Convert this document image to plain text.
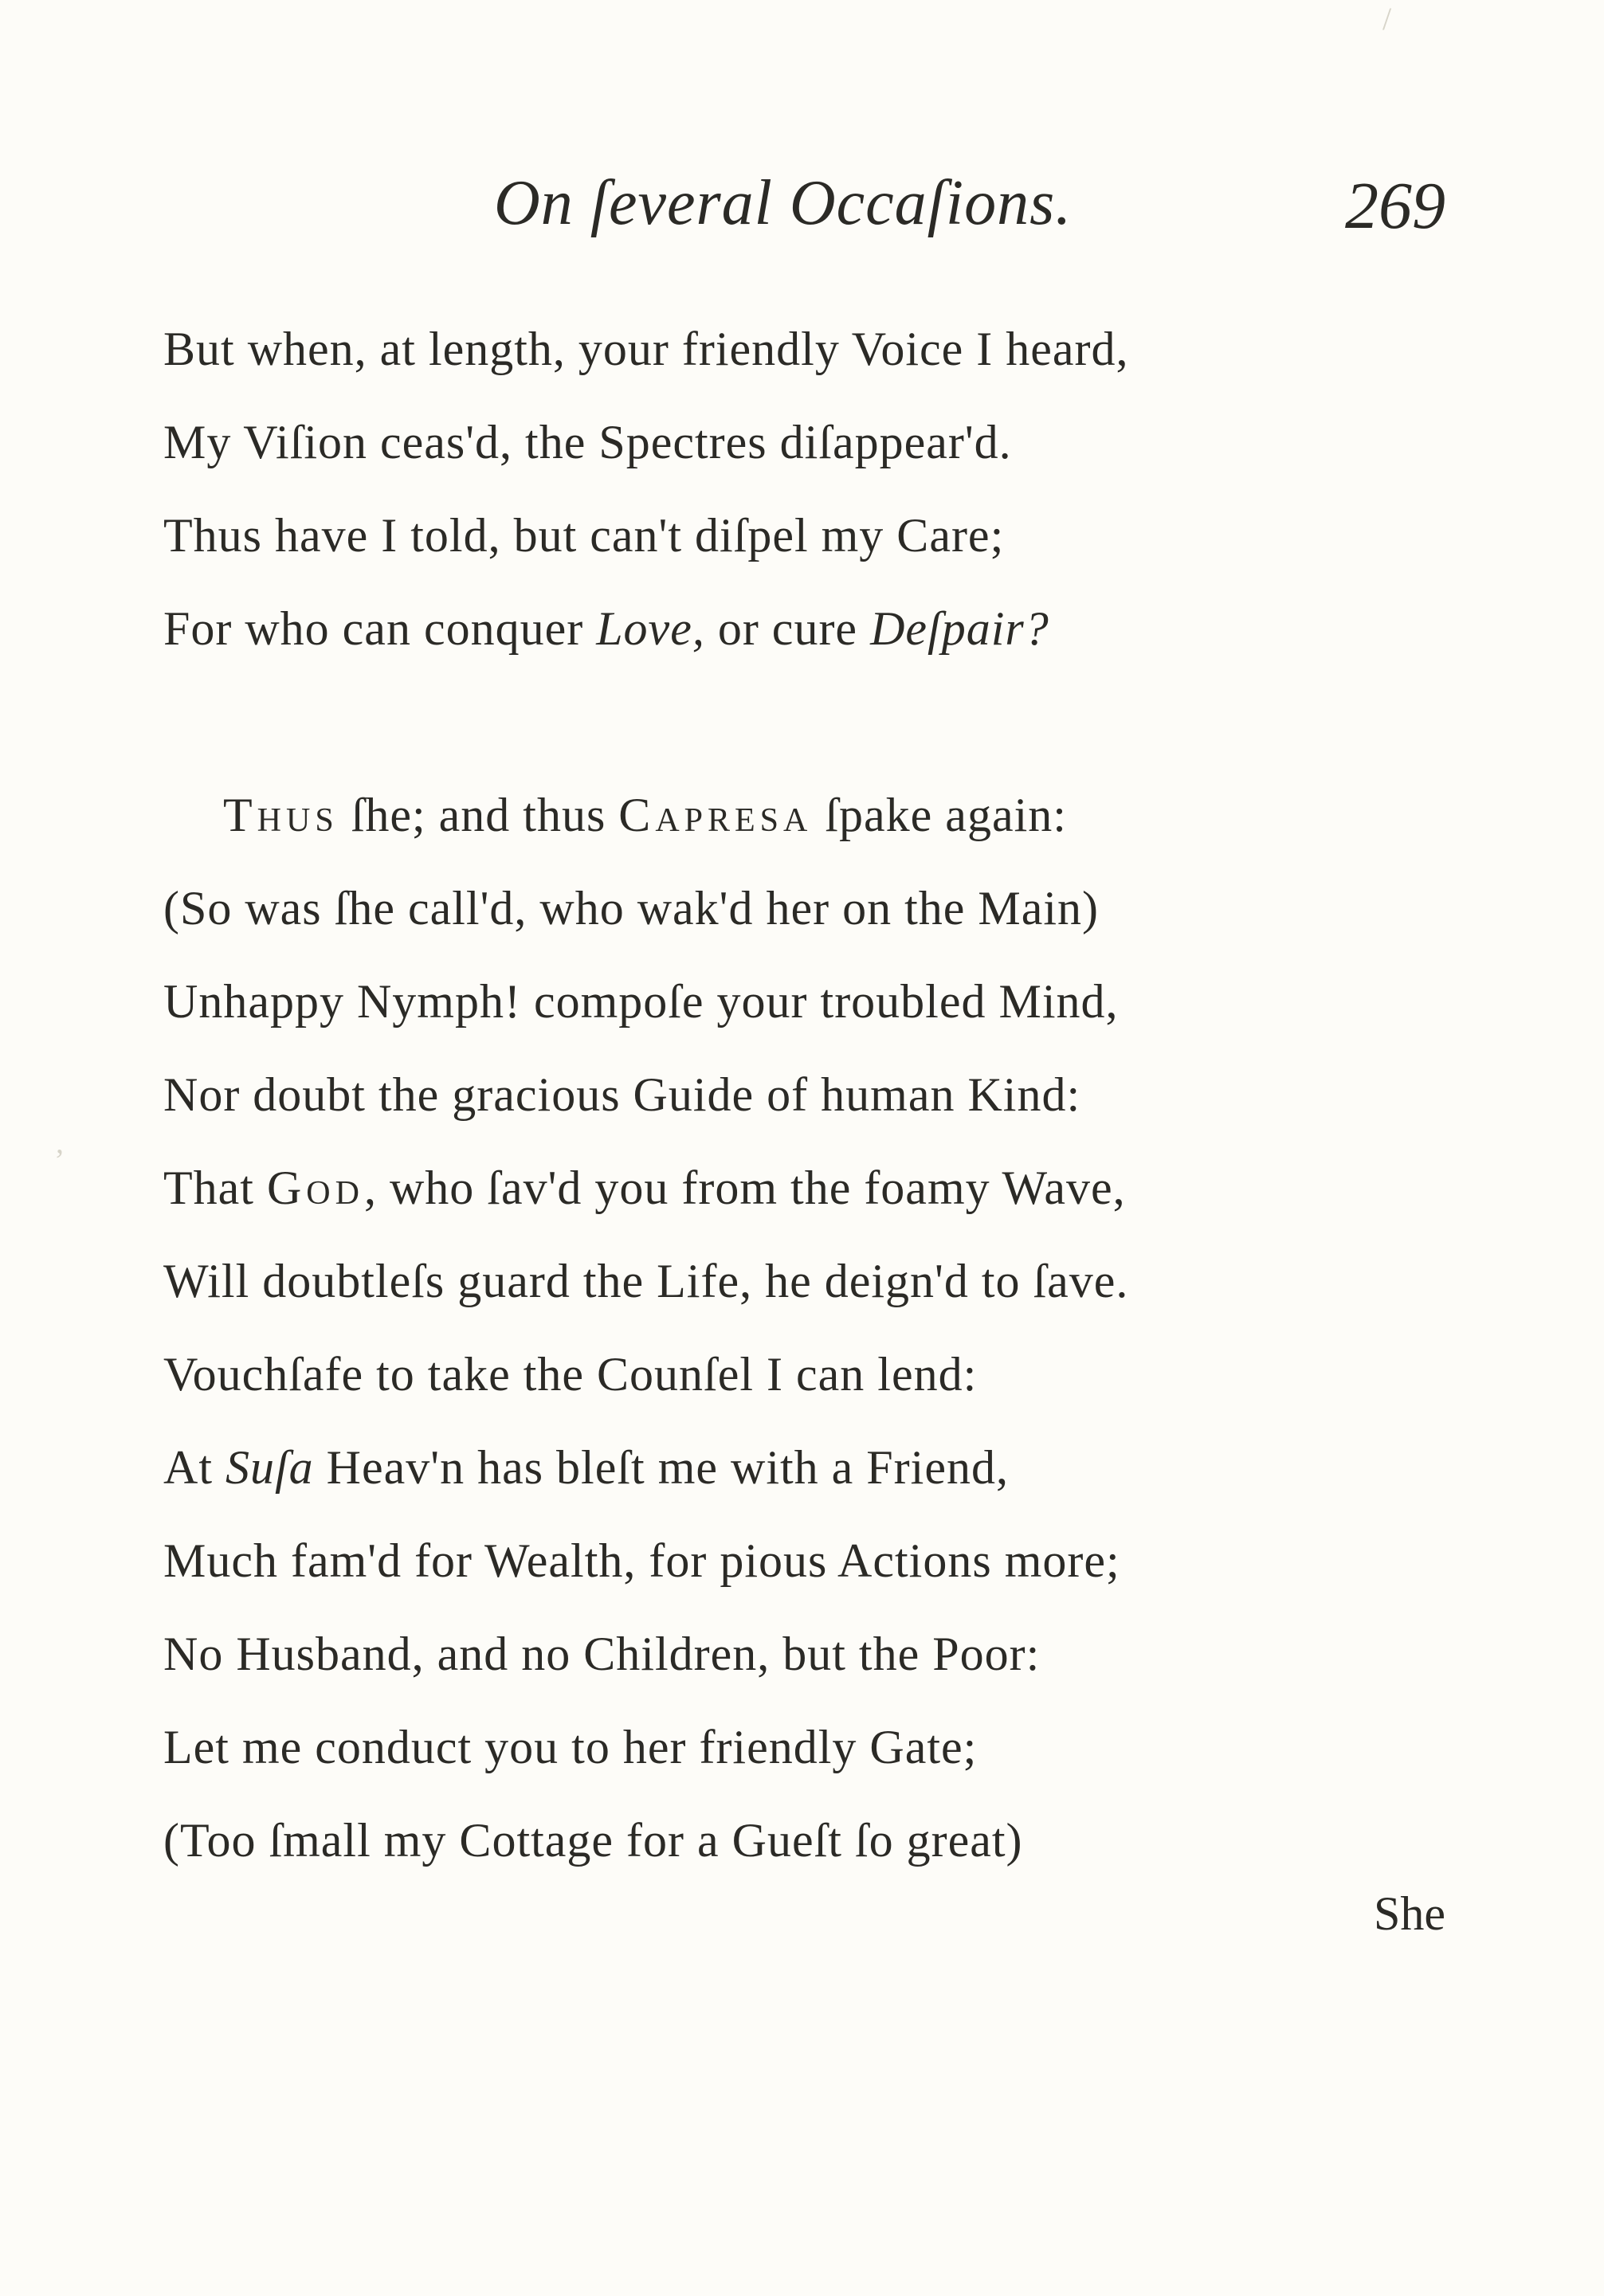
On ſeveral Occaſions.	269
But when, at length, your friendly Voice I heard,
My Viſion ceas'd, the Spectres diſappear'd.
Thus have I told, but can't diſpel my Care;
For who can conquer Love, or cure Deſpair?
Thus ſhe; and thus Capresa ſpake again:
(So was ſhe call'd, who wak'd her on the Main)
Unhappy Nymph! compoſe your troubled Mind,
Nor doubt the gracious Guide of human Kind:
That God, who ſav'd you from the foamy Wave,
Will doubtleſs guard the Life, he deign'd to ſave.
Vouchſafe to take the Counſel I can lend:
At Suſa Heav'n has bleſt me with a Friend,
Much fam'd for Wealth, for pious Actions more;
No Husband, and no Children, but the Poor:
Let me conduct you to her friendly Gate;
(Too ſmall my Cottage for a Gueſt ſo great)
She
/
,
